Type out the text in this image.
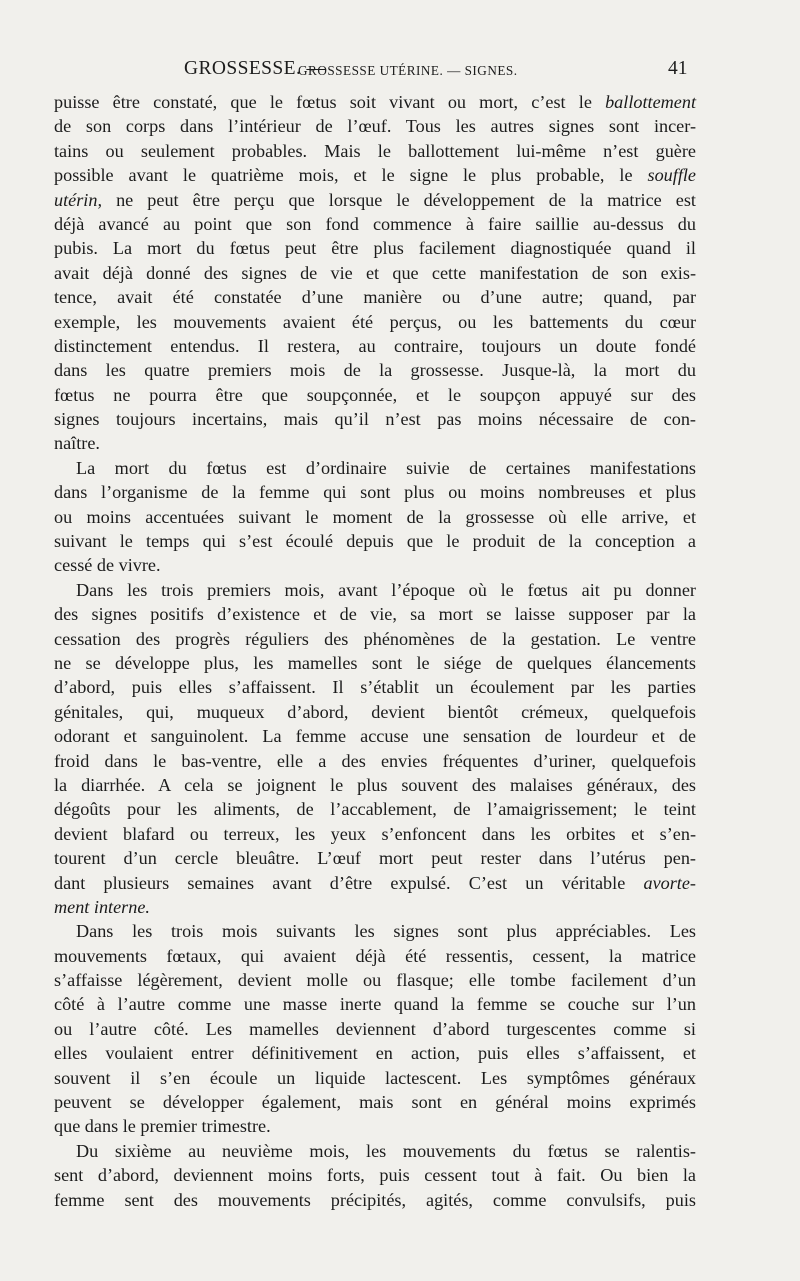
GROSSESSE. —
GROSSESSE UTÉRINE. — SIGNES.	41
puisse être constaté, que le fœtus soit vivant ou mort, c’est le ballottement
de son corps dans l’intérieur de l’œuf. Tous les autres signes sont incer-
tains ou seulement probables. Mais le ballottement lui-même n’est guère
possible avant le quatrième mois, et le signe le plus probable, le souffle
utérin, ne peut être perçu que lorsque le développement de la matrice est
déjà avancé au point que son fond commence à faire saillie au-dessus du
pubis. La mort du fœtus peut être plus facilement diagnostiquée quand il
avait déjà donné des signes de vie et que cette manifestation de son exis-
tence, avait été constatée d’une manière ou d’une autre; quand, par
exemple, les mouvements avaient été perçus, ou les battements du cœur
distinctement entendus. Il restera, au contraire, toujours un doute fondé
dans les quatre premiers mois de la grossesse. Jusque-là, la mort du
fœtus ne pourra être que soupçonnée, et le soupçon appuyé sur des
signes toujours incertains, mais qu’il n’est pas moins nécessaire de con-
naître.
La mort du fœtus est d’ordinaire suivie de certaines manifestations
dans l’organisme de la femme qui sont plus ou moins nombreuses et plus
ou moins accentuées suivant le moment de la grossesse où elle arrive, et
suivant le temps qui s’est écoulé depuis que le produit de la conception a
cessé de vivre.
Dans les trois premiers mois, avant l’époque où le fœtus ait pu donner
des signes positifs d’existence et de vie, sa mort se laisse supposer par la
cessation des progrès réguliers des phénomènes de la gestation. Le ventre
ne se développe plus, les mamelles sont le siége de quelques élancements
d’abord, puis elles s’affaissent. Il s’établit un écoulement par les parties
génitales, qui, muqueux d’abord, devient bientôt crémeux, quelquefois
odorant et sanguinolent. La femme accuse une sensation de lourdeur et de
froid dans le bas-ventre, elle a des envies fréquentes d’uriner, quelquefois
la diarrhée. A cela se joignent le plus souvent des malaises généraux, des
dégoûts pour les aliments, de l’accablement, de l’amaigrissement; le teint
devient blafard ou terreux, les yeux s’enfoncent dans les orbites et s’en-
tourent d’un cercle bleuâtre. L’œuf mort peut rester dans l’utérus pen-
dant plusieurs semaines avant d’être expulsé. C’est un véritable avorte-
ment interne.
Dans les trois mois suivants les signes sont plus appréciables. Les
mouvements fœtaux, qui avaient déjà été ressentis, cessent, la matrice
s’affaisse légèrement, devient molle ou flasque; elle tombe facilement d’un
côté à l’autre comme une masse inerte quand la femme se couche sur l’un
ou l’autre côté. Les mamelles deviennent d’abord turgescentes comme si
elles voulaient entrer définitivement en action, puis elles s’affaissent, et
souvent il s’en écoule un liquide lactescent. Les symptômes généraux
peuvent se développer également, mais sont en général moins exprimés
que dans le premier trimestre.
Du sixième au neuvième mois, les mouvements du fœtus se ralentis-
sent d’abord, deviennent moins forts, puis cessent tout à fait. Ou bien la
femme sent des mouvements précipités, agités, comme convulsifs, puis
